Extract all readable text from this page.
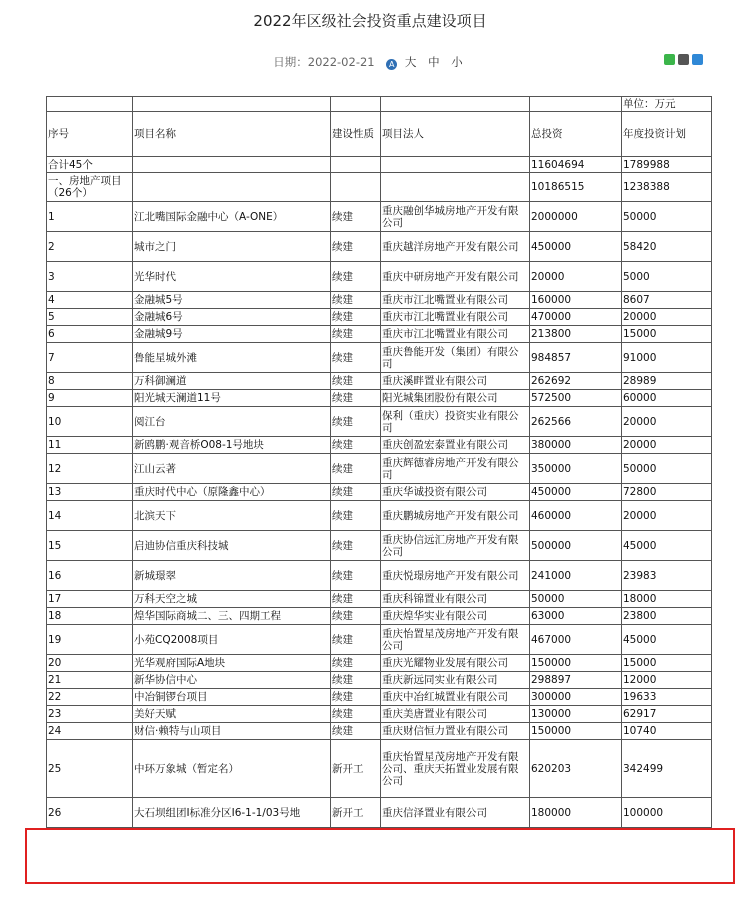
2022年区级社会投资重点建设项目
日期：2022-02-21 A 大 中 小

					单位：万元
序号	项目名称	建设性质	项目法人	总投资	年度投资计划
合计45个				11604694	1789988
一、房地产项目（26个）				10186515	1238388
1	江北嘴国际金融中心（A-ONE）	续建	重庆融创华城房地产开发有限公司	2000000	50000
2	城市之门	续建	重庆越洋房地产开发有限公司	450000	58420
3	光华时代	续建	重庆中研房地产开发有限公司	20000	5000
4	金融城5号	续建	重庆市江北嘴置业有限公司	160000	8607
5	金融城6号	续建	重庆市江北嘴置业有限公司	470000	20000
6	金融城9号	续建	重庆市江北嘴置业有限公司	213800	15000
7	鲁能星城外滩	续建	重庆鲁能开发（集团）有限公司	984857	91000
8	万科御澜道	续建	重庆溪畔置业有限公司	262692	28989
9	阳光城天澜道11号	续建	阳光城集团股份有限公司	572500	60000
10	阅江台	续建	保利（重庆）投资实业有限公司	262566	20000
11	新鸥鹏·观音桥O08-1号地块	续建	重庆创盈宏泰置业有限公司	380000	20000
12	江山云著	续建	重庆辉德睿房地产开发有限公司	350000	50000
13	重庆时代中心（原隆鑫中心）	续建	重庆华诚投资有限公司	450000	72800
14	北滨天下	续建	重庆鹏城房地产开发有限公司	460000	20000
15	启迪协信重庆科技城	续建	重庆协信远汇房地产开发有限公司	500000	45000
16	新城璟翠	续建	重庆悦璟房地产开发有限公司	241000	23983
17	万科天空之城	续建	重庆科锦置业有限公司	50000	18000
18	煌华国际商城二、三、四期工程	续建	重庆煌华实业有限公司	63000	23800
19	小苑CQ2008项目	续建	重庆怡置星茂房地产开发有限公司	467000	45000
20	光华观府国际A地块	续建	重庆光耀物业发展有限公司	150000	15000
21	新华协信中心	续建	重庆新远同实业有限公司	298897	12000
22	中冶铜锣台项目	续建	重庆中冶红城置业有限公司	300000	19633
23	美好天赋	续建	重庆美唐置业有限公司	130000	62917
24	财信·赖特与山项目	续建	重庆财信恒力置业有限公司	150000	10740
25	中环万象城（暂定名）	新开工	重庆怡置星茂房地产开发有限公司、重庆天拓置业发展有限公司	620203	342499
26	大石坝组团I标准分区I6-1-1/03号地	新开工	重庆信泽置业有限公司	180000	100000
